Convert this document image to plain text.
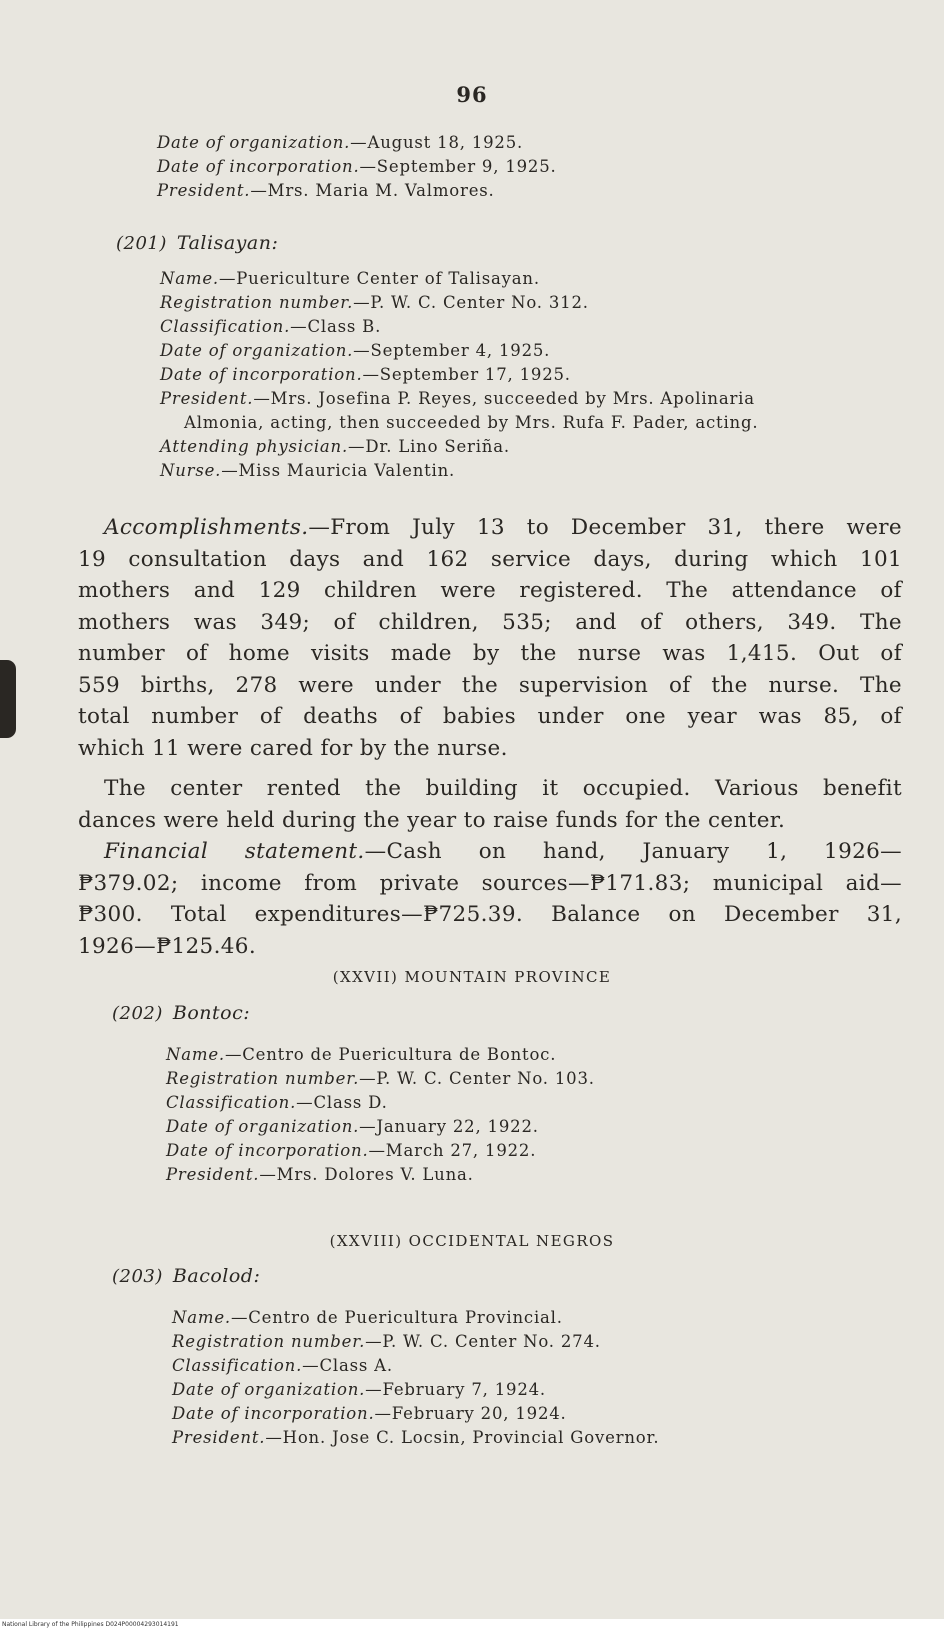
96
Date of organization.—August 18, 1925.
Date of incorporation.—September 9, 1925.
President.—Mrs. Maria M. Valmores.
(201) Talisayan:
Name.—Puericulture Center of Talisayan.
Registration number.—P. W. C. Center No. 312.
Classification.—Class B.
Date of organization.—September 4, 1925.
Date of incorporation.—September 17, 1925.
President.—Mrs. Josefina P. Reyes, succeeded by Mrs. Apolinaria
Almonia, acting, then succeeded by Mrs. Rufa F. Pader, acting.
Attending physician.—Dr. Lino Seriña.
Nurse.—Miss Mauricia Valentin.
Accomplishments.—From July 13 to December 31, there were
19 consultation days and 162 service days, during which 101
mothers and 129 children were registered. The attendance of
mothers was 349; of children, 535; and of others, 349. The
number of home visits made by the nurse was 1,415. Out of
559 births, 278 were under the supervision of the nurse. The
total number of deaths of babies under one year was 85, of
which 11 were cared for by the nurse.
The center rented the building it occupied. Various benefit
dances were held during the year to raise funds for the center.
Financial statement.—Cash on hand, January 1, 1926—
₱379.02; income from private sources—₱171.83; municipal aid—
₱300. Total expenditures—₱725.39. Balance on December 31,
1926—₱125.46.
(XXVII) MOUNTAIN PROVINCE
(202) Bontoc:
Name.—Centro de Puericultura de Bontoc.
Registration number.—P. W. C. Center No. 103.
Classification.—Class D.
Date of organization.—January 22, 1922.
Date of incorporation.—March 27, 1922.
President.—Mrs. Dolores V. Luna.
(XXVIII) OCCIDENTAL NEGROS
(203) Bacolod:
Name.—Centro de Puericultura Provincial.
Registration number.—P. W. C. Center No. 274.
Classification.—Class A.
Date of organization.—February 7, 1924.
Date of incorporation.—February 20, 1924.
President.—Hon. Jose C. Locsin, Provincial Governor.
National Library of the Philippines D024P00004293014191
